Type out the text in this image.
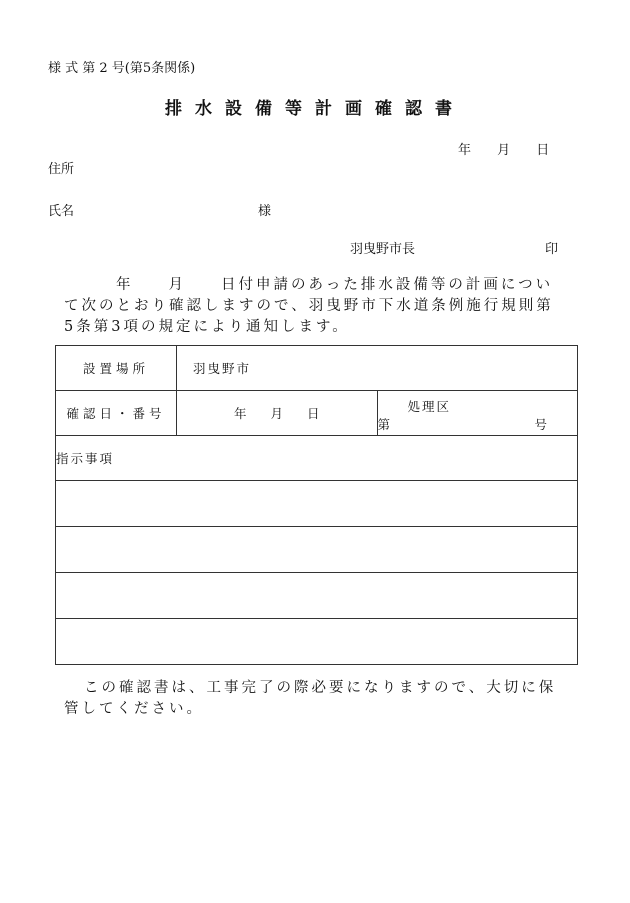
様 式 第 2 号(第5条関係)
排水設備等計画確認書
年 月 日
住所
氏名	様
羽曳野市長	印
年　　月　　日付申請のあった排水設備等の計画について次のとおり確認しますので、羽曳野市下水道条例施行規則第5条第3項の規定により通知します。
設置場所	羽曳野市	
確認日・番号	年 月 日	処理区
第 号

指示事項		

この確認書は、工事完了の際必要になりますので、大切に保管してください。
